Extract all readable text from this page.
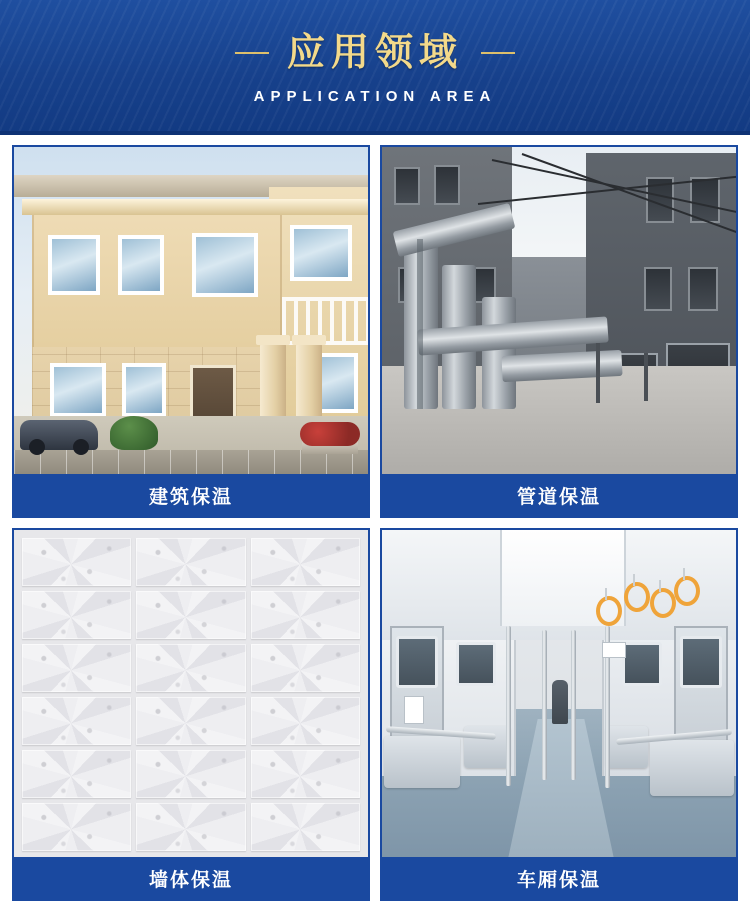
应用领域
APPLICATION AREA
建筑保温	管道保温
墙体保温	车厢保温
